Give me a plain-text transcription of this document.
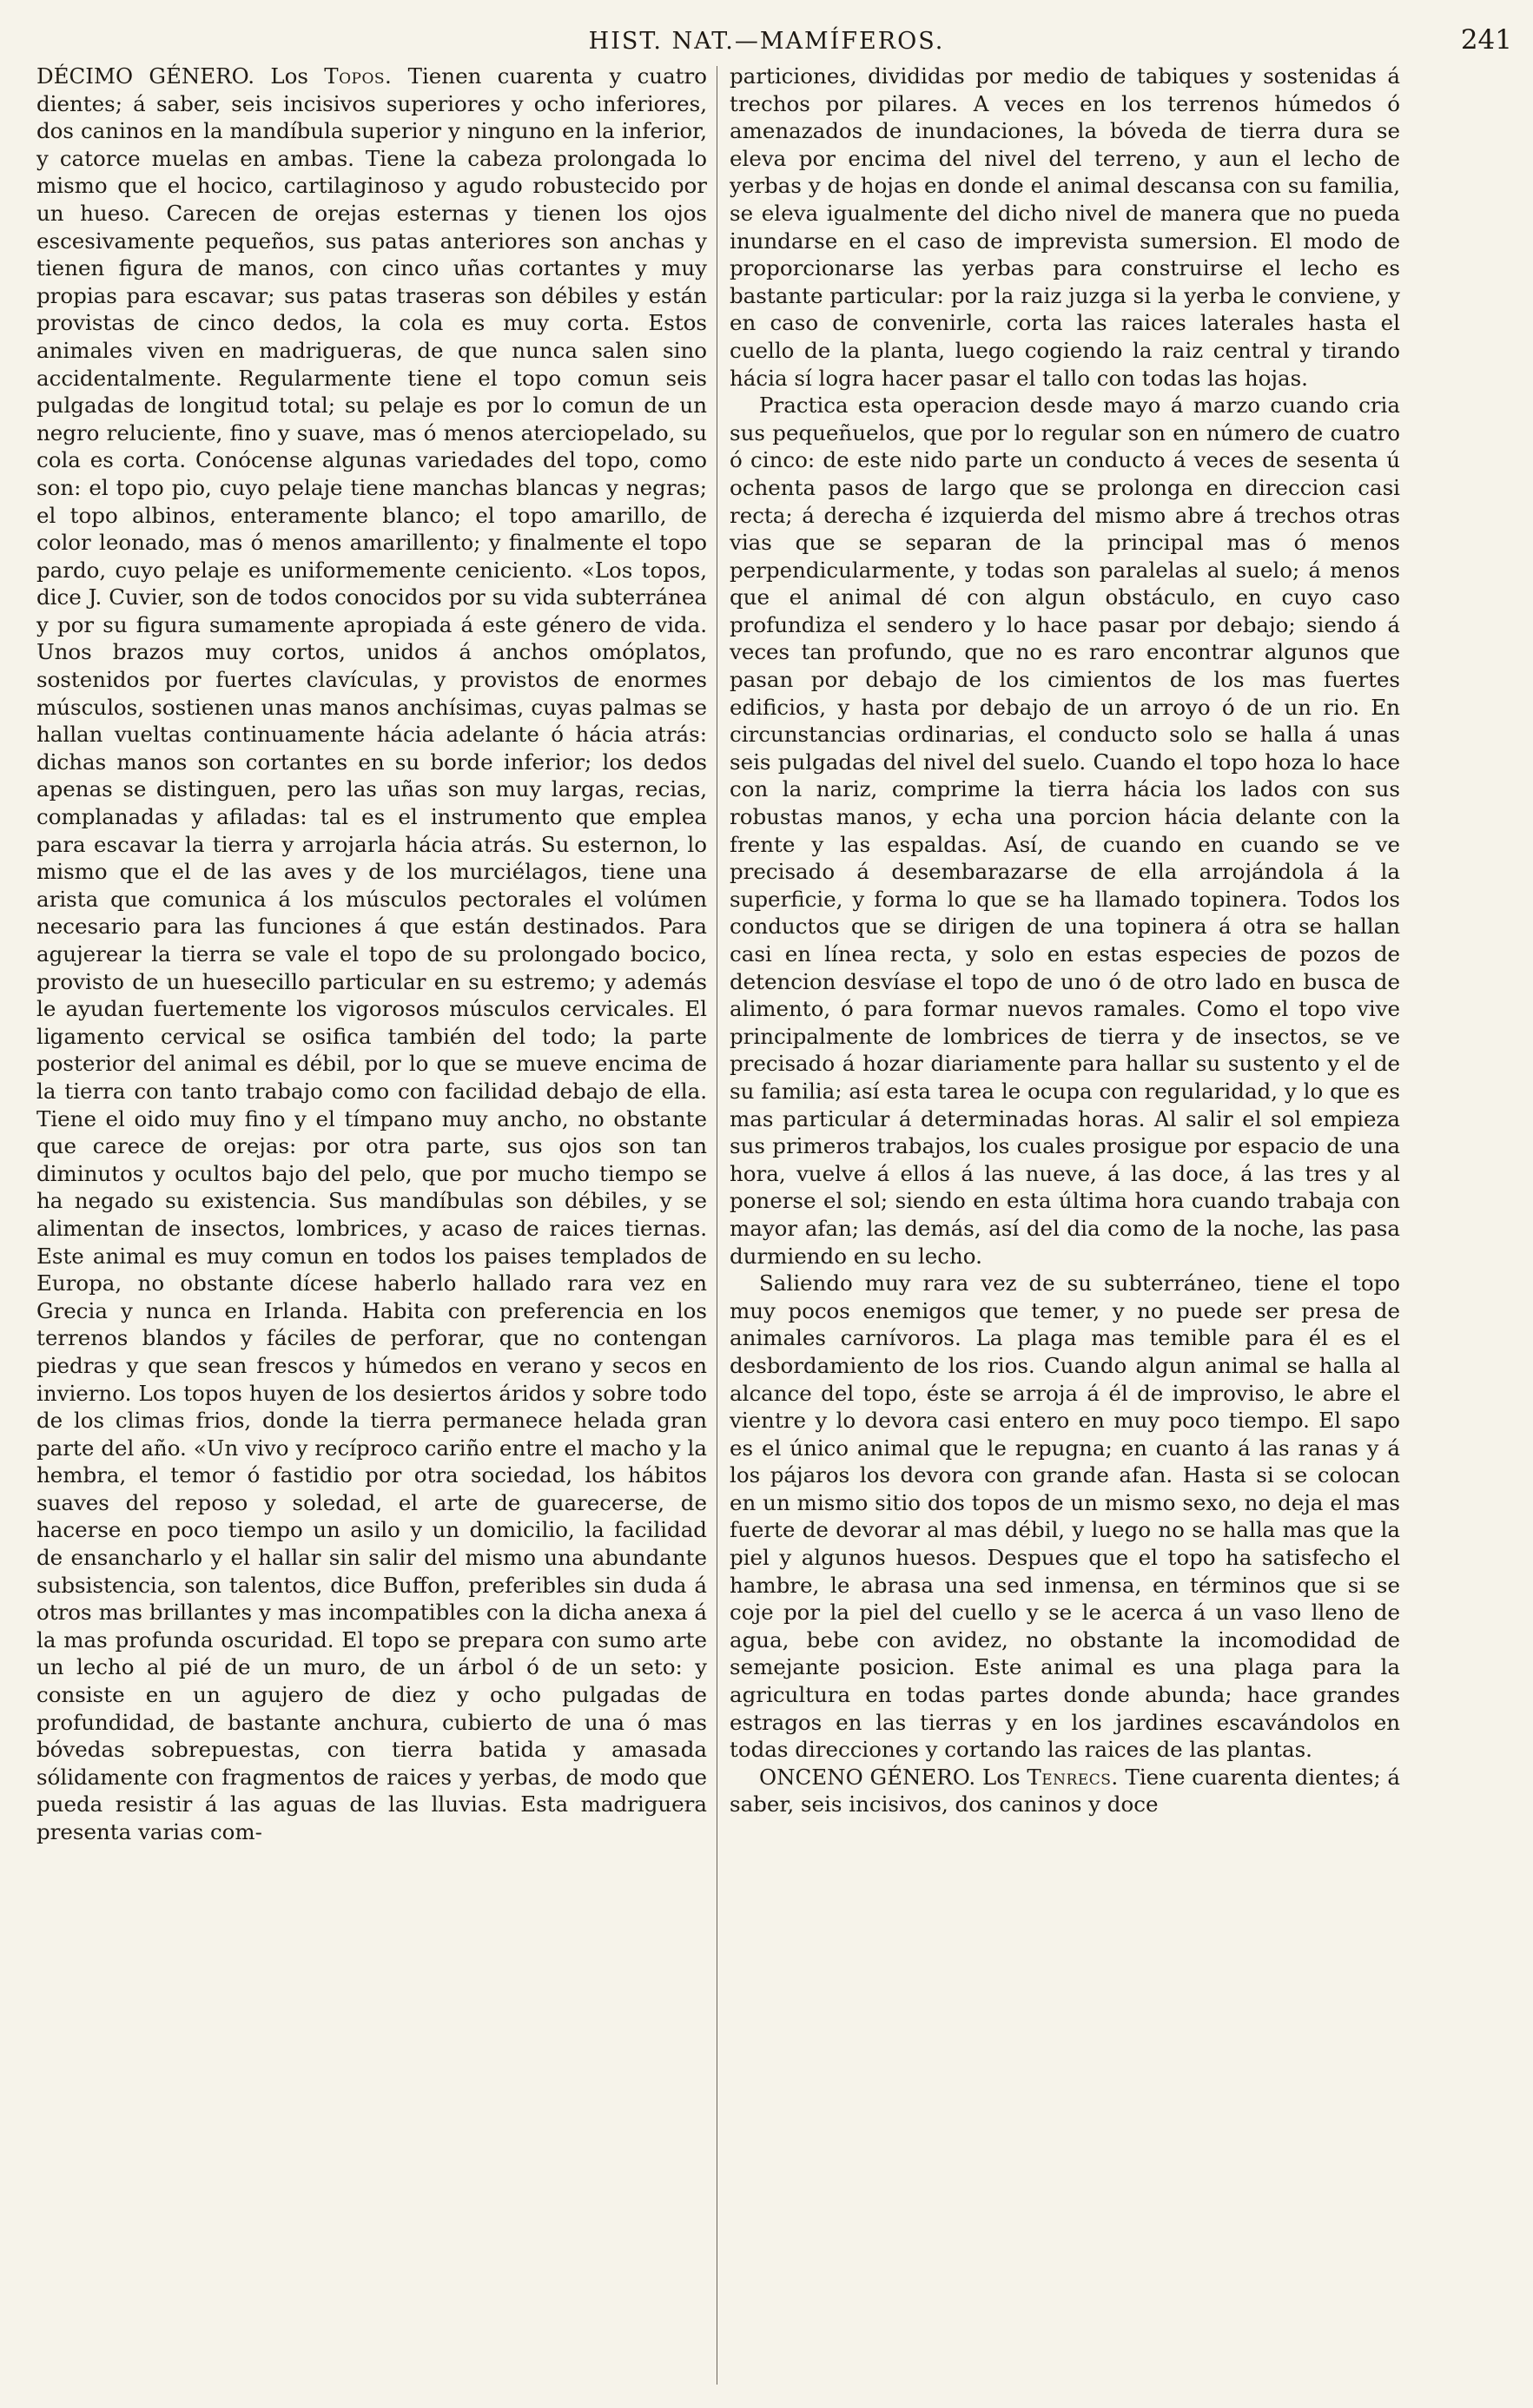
HIST. NAT.—MAMÍFEROS.	241

DÉCIMO GÉNERO. Los Topos. Tienen cuarenta y cuatro dientes; á saber, seis incisivos superiores y ocho inferiores, dos caninos en la mandíbula superior y ninguno en la inferior, y catorce muelas en ambas. Tiene la cabeza prolongada lo mismo que el hocico, cartilaginoso y agudo robustecido por un hueso. Carecen de orejas esternas y tienen los ojos escesivamente pequeños, sus patas anteriores son anchas y tienen figura de manos, con cinco uñas cortantes y muy propias para escavar; sus patas traseras son débiles y están provistas de cinco dedos, la cola es muy corta. Estos animales viven en madrigueras, de que nunca salen sino accidentalmente. Regularmente tiene el topo comun seis pulgadas de longitud total; su pelaje es por lo comun de un negro reluciente, fino y suave, mas ó menos aterciopelado, su cola es corta. Conócense algunas variedades del topo, como son: el topo pio, cuyo pelaje tiene manchas blancas y negras; el topo albinos, enteramente blanco; el topo amarillo, de color leonado, mas ó menos amarillento; y finalmente el topo pardo, cuyo pelaje es uniformemente ceniciento. «Los topos, dice J. Cuvier, son de todos conocidos por su vida subterránea y por su figura sumamente apropiada á este género de vida. Unos brazos muy cortos, unidos á anchos omóplatos, sostenidos por fuertes clavículas, y provistos de enormes músculos, sostienen unas manos anchísimas, cuyas palmas se hallan vueltas continuamente hácia adelante ó hácia atrás: dichas manos son cortantes en su borde inferior; los dedos apenas se distinguen, pero las uñas son muy largas, recias, complanadas y afiladas: tal es el instrumento que emplea para escavar la tierra y arrojarla hácia atrás. Su esternon, lo mismo que el de las aves y de los murciélagos, tiene una arista que comunica á los músculos pectorales el volúmen necesario para las funciones á que están destinados. Para agujerear la tierra se vale el topo de su prolongado bocico, provisto de un huesecillo particular en su estremo; y además le ayudan fuertemente los vigorosos músculos cervicales. El ligamento cervical se osifica también del todo; la parte posterior del animal es débil, por lo que se mueve encima de la tierra con tanto trabajo como con facilidad debajo de ella. Tiene el oido muy fino y el tímpano muy ancho, no obstante que carece de orejas: por otra parte, sus ojos son tan diminutos y ocultos bajo del pelo, que por mucho tiempo se ha negado su existencia. Sus mandíbulas son débiles, y se alimentan de insectos, lombrices, y acaso de raices tiernas. Este animal es muy comun en todos los paises templados de Europa, no obstante dícese haberlo hallado rara vez en Grecia y nunca en Irlanda. Habita con preferencia en los terrenos blandos y fáciles de perforar, que no contengan piedras y que sean frescos y húmedos en verano y secos en invierno. Los topos huyen de los desiertos áridos y sobre todo de los climas frios, donde la tierra permanece helada gran parte del año. «Un vivo y recíproco cariño entre el macho y la hembra, el temor ó fastidio por otra sociedad, los hábitos suaves del reposo y soledad, el arte de guarecerse, de hacerse en poco tiempo un asilo y un domicilio, la facilidad de ensancharlo y el hallar sin salir del mismo una abundante subsistencia, son talentos, dice Buffon, preferibles sin duda á otros mas brillantes y mas incompatibles con la dicha anexa á la mas profunda oscuridad. El topo se prepara con sumo arte un lecho al pié de un muro, de un árbol ó de un seto: y consiste en un agujero de diez y ocho pulgadas de profundidad, de bastante anchura, cubierto de una ó mas bóvedas sobrepuestas, con tierra batida y amasada sólidamente con fragmentos de raices y yerbas, de modo que pueda resistir á las aguas de las lluvias. Esta madriguera presenta varias com-

particiones, divididas por medio de tabiques y sostenidas á trechos por pilares. A veces en los terrenos húmedos ó amenazados de inundaciones, la bóveda de tierra dura se eleva por encima del nivel del terreno, y aun el lecho de yerbas y de hojas en donde el animal descansa con su familia, se eleva igualmente del dicho nivel de manera que no pueda inundarse en el caso de imprevista sumersion. El modo de proporcionarse las yerbas para construirse el lecho es bastante particular: por la raiz juzga si la yerba le conviene, y en caso de convenirle, corta las raices laterales hasta el cuello de la planta, luego cogiendo la raiz central y tirando hácia sí logra hacer pasar el tallo con todas las hojas.

Practica esta operacion desde mayo á marzo cuando cria sus pequeñuelos, que por lo regular son en número de cuatro ó cinco: de este nido parte un conducto á veces de sesenta ú ochenta pasos de largo que se prolonga en direccion casi recta; á derecha é izquierda del mismo abre á trechos otras vias que se separan de la principal mas ó menos perpendicularmente, y todas son paralelas al suelo; á menos que el animal dé con algun obstáculo, en cuyo caso profundiza el sendero y lo hace pasar por debajo; siendo á veces tan profundo, que no es raro encontrar algunos que pasan por debajo de los cimientos de los mas fuertes edificios, y hasta por debajo de un arroyo ó de un rio. En circunstancias ordinarias, el conducto solo se halla á unas seis pulgadas del nivel del suelo. Cuando el topo hoza lo hace con la nariz, comprime la tierra hácia los lados con sus robustas manos, y echa una porcion hácia delante con la frente y las espaldas. Así, de cuando en cuando se ve precisado á desembarazarse de ella arrojándola á la superficie, y forma lo que se ha llamado topinera. Todos los conductos que se dirigen de una topinera á otra se hallan casi en línea recta, y solo en estas especies de pozos de detencion desvíase el topo de uno ó de otro lado en busca de alimento, ó para formar nuevos ramales. Como el topo vive principalmente de lombrices de tierra y de insectos, se ve precisado á hozar diariamente para hallar su sustento y el de su familia; así esta tarea le ocupa con regularidad, y lo que es mas particular á determinadas horas. Al salir el sol empieza sus primeros trabajos, los cuales prosigue por espacio de una hora, vuelve á ellos á las nueve, á las doce, á las tres y al ponerse el sol; siendo en esta última hora cuando trabaja con mayor afan; las demás, así del dia como de la noche, las pasa durmiendo en su lecho.

Saliendo muy rara vez de su subterráneo, tiene el topo muy pocos enemigos que temer, y no puede ser presa de animales carnívoros. La plaga mas temible para él es el desbordamiento de los rios. Cuando algun animal se halla al alcance del topo, éste se arroja á él de improviso, le abre el vientre y lo devora casi entero en muy poco tiempo. El sapo es el único animal que le repugna; en cuanto á las ranas y á los pájaros los devora con grande afan. Hasta si se colocan en un mismo sitio dos topos de un mismo sexo, no deja el mas fuerte de devorar al mas débil, y luego no se halla mas que la piel y algunos huesos. Despues que el topo ha satisfecho el hambre, le abrasa una sed inmensa, en términos que si se coje por la piel del cuello y se le acerca á un vaso lleno de agua, bebe con avidez, no obstante la incomodidad de semejante posicion. Este animal es una plaga para la agricultura en todas partes donde abunda; hace grandes estragos en las tierras y en los jardines escavándolos en todas direcciones y cortando las raices de las plantas.

ONCENO GÉNERO. Los Tenrecs. Tiene cuarenta dientes; á saber, seis incisivos, dos caninos y doce
